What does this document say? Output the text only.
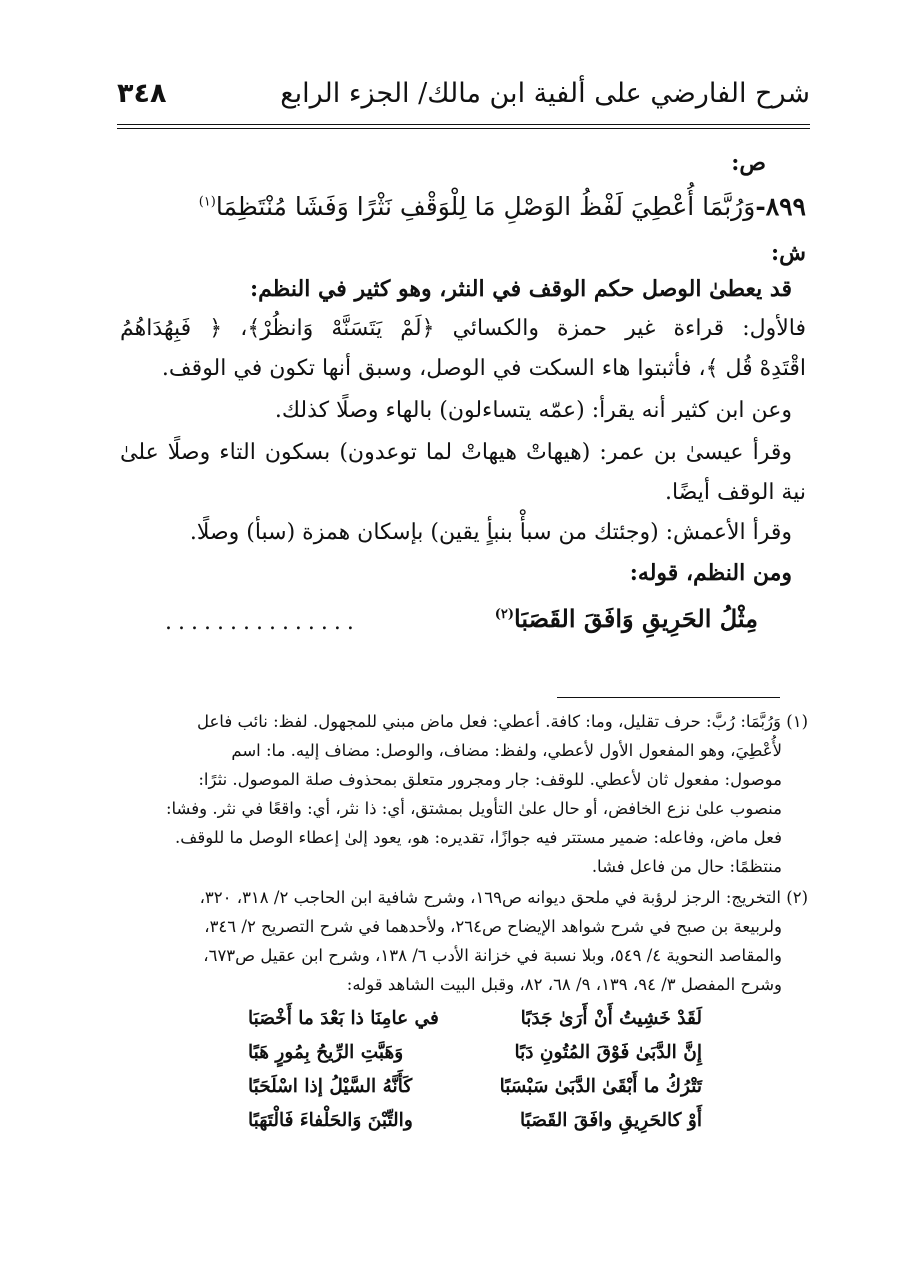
٣٤٨	شرح الفارضي على ألفية ابن مالك/ الجزء الرابع
ص:
٨٩٩-وَرُبَّمَا أُعْطِيَ لَفْظُ الوَصْلِ مَا لِلْوَقْفِ نَثْرًا وَفَشَا مُنْتَظِمَا$^{(١)}$
ش:
قد يعطىٰ الوصل حكم الوقف في النثر، وهو كثير في النظم:
فالأول: قراءة غير حمزة والكسائي ﴿لَمْ يَتَسَنَّهْ وَانظُرْ﴾، ﴿ فَبِهُدَاهُمُ
اقْتَدِهْ قُل ﴾، فأثبتوا هاء السكت في الوصل، وسبق أنها تكون في الوقف.
وعن ابن كثير أنه يقرأ: (عمّه يتساءلون) بالهاء وصلًا كذلك.
وقرأ عيسىٰ بن عمر: (هيهاتْ هيهاتْ لما توعدون) بسكون التاء وصلًا علىٰ
نية الوقف أيضًا.
وقرأ الأعمش: (وجئتك من سبأْ بنبأٍ يقين) بإسكان همزة (سبأ) وصلًا.
ومن النظم، قوله:
...............	مِثْلُ الحَرِيقِ وَافَقَ القَصَبَا$^{(٢)}$
(١) وَرُبَّمَا: رُبَّ: حرف تقليل، وما: كافة. أعطي: فعل ماض مبني للمجهول. لفظ: نائب فاعل
لأُعْطِيَ، وهو المفعول الأول لأعطي، ولفظ: مضاف، والوصل: مضاف إليه. ما: اسم
موصول: مفعول ثان لأعطي. للوقف: جار ومجرور متعلق بمحذوف صلة الموصول. نثرًا:
منصوب علىٰ نزع الخافض، أو حال علىٰ التأويل بمشتق، أي: ذا نثر، أي: واقعًا في نثر. وفشا:
فعل ماض، وفاعله: ضمير مستتر فيه جوازًا، تقديره: هو، يعود إلىٰ إعطاء الوصل ما للوقف.
منتظمًا: حال من فاعل فشا.
(٢) التخريج: الرجز لرؤبة في ملحق ديوانه ص١٦٩، وشرح شافية ابن الحاجب ٢/ ٣١٨، ٣٢٠،
ولربيعة بن صبح في شرح شواهد الإيضاح ص٢٦٤، ولأحدهما في شرح التصريح ٢/ ٣٤٦،
والمقاصد النحوية ٤/ ٥٤٩، وبلا نسبة في خزانة الأدب ٦/ ١٣٨، وشرح ابن عقيل ص٦٧٣،
وشرح المفصل ٣/ ٩٤، ١٣٩، ٩/ ٦٨، ٨٢، وقبل البيت الشاهد قوله:
لَقَدْ خَشِيتُ أَنْ أَرَىٰ جَدَبًا
في عامِنَا ذا بَعْدَ ما أَخْصَبَا
إِنَّ الدَّبَىٰ فَوْقَ المُتُونِ دَبًا
وَهَبَّتِ الرِّيحُ بِمُورٍ هَبًا
تَتْرُكُ ما أَبْقَىٰ الدَّبَىٰ سَبْسَبًا
كَأَنَّهُ السَّيْلُ إذا اسْلَحَبًا
أَوْ كالحَرِيقِ وافَقَ القَصَبًا
والتِّبْنَ وَالحَلْفاءَ فَالْتَهَبًا
